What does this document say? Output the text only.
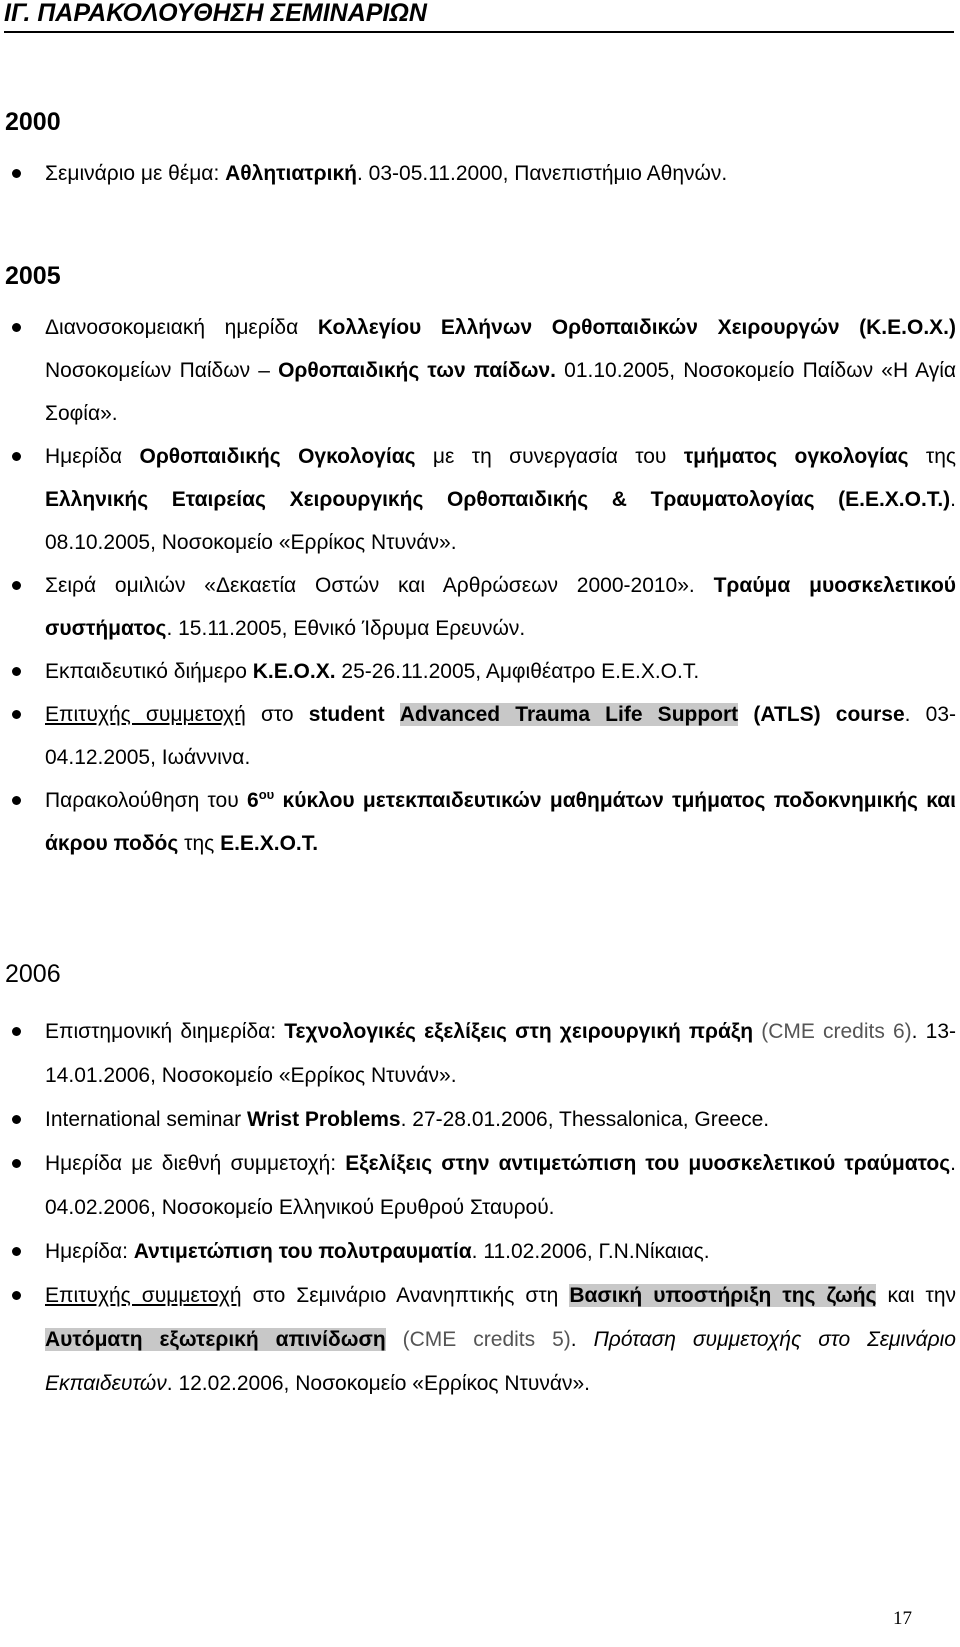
ΙΓ. ΠΑΡΑΚΟΛΟΥΘΗΣΗ ΣΕΜΙΝΑΡΙΩΝ
2000
Σεμινάριο με θέμα: Αθλητιατρική. 03-05.11.2000, Πανεπιστήμιο Αθηνών.
2005
Διανοσοκομειακή ημερίδα Κολλεγίου Ελλήνων Ορθοπαιδικών Χειρουργών (Κ.Ε.Ο.Χ.) Νοσοκομείων Παίδων – Ορθοπαιδικής των παίδων. 01.10.2005, Νοσοκομείο Παίδων «Η Αγία Σοφία».
Ημερίδα Ορθοπαιδικής Ογκολογίας με τη συνεργασία του τμήματος ογκολογίας της Ελληνικής Εταιρείας Χειρουργικής Ορθοπαιδικής & Τραυματολογίας (Ε.Ε.Χ.Ο.Τ.). 08.10.2005, Νοσοκομείο «Ερρίκος Ντυνάν».
Σειρά ομιλιών «Δεκαετία Οστών και Αρθρώσεων 2000-2010». Τραύμα μυοσκελετικού συστήματος. 15.11.2005, Εθνικό Ίδρυμα Ερευνών.
Εκπαιδευτικό διήμερο Κ.Ε.Ο.Χ. 25-26.11.2005, Αμφιθέατρο Ε.Ε.Χ.Ο.Τ.
Επιτυχής συμμετοχή στο student Advanced Trauma Life Support (ATLS) course. 03-04.12.2005, Ιωάννινα.
Παρακολούθηση του $6^{o\upsilon}$ κύκλου μετεκπαιδευτικών μαθημάτων τμήματος ποδοκνημικής και άκρου ποδός της Ε.Ε.Χ.Ο.Τ.
2006
Επιστημονική διημερίδα: Τεχνολογικές εξελίξεις στη χειρουργική πράξη (CME credits 6). 13-14.01.2006, Νοσοκομείο «Ερρίκος Ντυνάν».
International seminar Wrist Problems. 27-28.01.2006, Thessalonica, Greece.
Ημερίδα με διεθνή συμμετοχή: Εξελίξεις στην αντιμετώπιση του μυοσκελετικού τραύματος. 04.02.2006, Νοσοκομείο Ελληνικού Ερυθρού Σταυρού.
Ημερίδα: Αντιμετώπιση του πολυτραυματία. 11.02.2006, Γ.Ν.Νίκαιας.
Επιτυχής συμμετοχή στο Σεμινάριο Ανανηπτικής στη Βασική υποστήριξη της ζωής και την Αυτόματη εξωτερική απινίδωση (CME credits 5). Πρόταση συμμετοχής στο Σεμινάριο Εκπαιδευτών. 12.02.2006, Νοσοκομείο «Ερρίκος Ντυνάν».
17
